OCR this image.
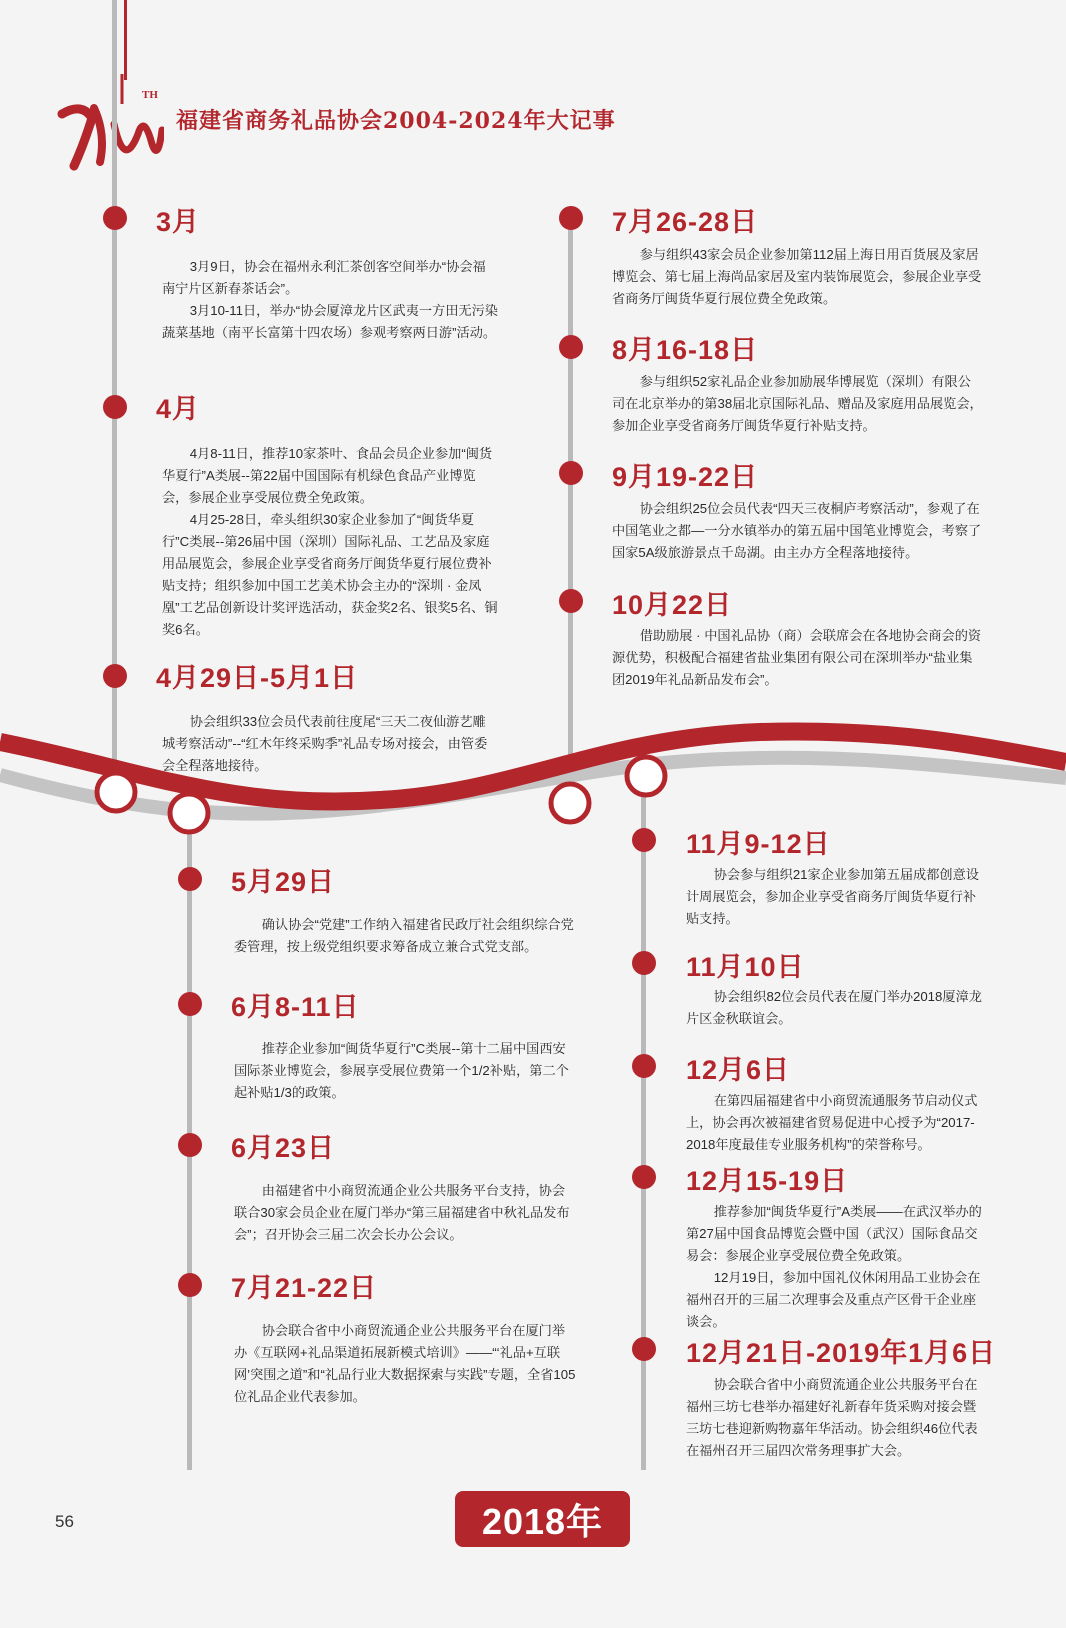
TH
福建省商务礼品协会2004-2024年大记事
3月

3月9日，协会在福州永利汇茶创客空间举办“协会福南宁片区新春茶话会”。

3月10-11日，举办“协会厦漳龙片区武夷一方田无污染蔬菜基地（南平长富第十四农场）参观考察两日游”活动。

4月

4月8-11日，推荐10家茶叶、食品会员企业参加“闽货华夏行”A类展--第22届中国国际有机绿色食品产业博览会，参展企业享受展位费全免政策。

4月25-28日，牵头组织30家企业参加了“闽货华夏行”C类展--第26届中国（深圳）国际礼品、工艺品及家庭用品展览会，参展企业享受省商务厅闽货华夏行展位费补贴支持；组织参加中国工艺美术协会主办的“深圳 · 金凤凰”工艺品创新设计奖评选活动，获金奖2名、银奖5名、铜奖6名。

4月29日-5月1日

协会组织33位会员代表前往度尾“三天二夜仙游艺雕城考察活动”--“红木年终采购季”礼品专场对接会，由管委会全程落地接待。

7月26-28日

参与组织43家会员企业参加第112届上海日用百货展及家居博览会、第七届上海尚品家居及室内装饰展览会，参展企业享受省商务厅闽货华夏行展位费全免政策。

8月16-18日

参与组织52家礼品企业参加励展华博展览（深圳）有限公司在北京举办的第38届北京国际礼品、赠品及家庭用品展览会，参加企业享受省商务厅闽货华夏行补贴支持。

9月19-22日

协会组织25位会员代表“四天三夜桐庐考察活动”，参观了在中国笔业之都—一分水镇举办的第五届中国笔业博览会，考察了国家5A级旅游景点千岛湖。由主办方全程落地接待。

10月22日

借助励展 · 中国礼品协（商）会联席会在各地协会商会的资源优势，积极配合福建省盐业集团有限公司在深圳举办“盐业集团2019年礼品新品发布会”。

5月29日

确认协会“党建”工作纳入福建省民政厅社会组织综合党委管理，按上级党组织要求筹备成立兼合式党支部。

6月8-11日

推荐企业参加“闽货华夏行”C类展--第十二届中国西安国际茶业博览会，参展享受展位费第一个1/2补贴，第二个起补贴1/3的政策。

6月23日

由福建省中小商贸流通企业公共服务平台支持，协会联合30家会员企业在厦门举办“第三届福建省中秋礼品发布会”；召开协会三届二次会长办公会议。

7月21-22日

协会联合省中小商贸流通企业公共服务平台在厦门举办《互联网+礼品渠道拓展新模式培训》——“‘礼品+互联网’突围之道”和“礼品行业大数据探索与实践”专题，全省105位礼品企业代表参加。

11月9-12日

协会参与组织21家企业参加第五届成都创意设计周展览会，参加企业享受省商务厅闽货华夏行补贴支持。

11月10日

协会组织82位会员代表在厦门举办2018厦漳龙片区金秋联谊会。

12月6日

在第四届福建省中小商贸流通服务节启动仪式上，协会再次被福建省贸易促进中心授予为“2017-2018年度最佳专业服务机构”的荣誉称号。

12月15-19日

推荐参加“闽货华夏行”A类展——在武汉举办的第27届中国食品博览会暨中国（武汉）国际食品交易会：参展企业享受展位费全免政策。

12月19日，参加中国礼仪休闲用品工业协会在福州召开的三届二次理事会及重点产区骨干企业座谈会。

12月21日-2019年1月6日

协会联合省中小商贸流通企业公共服务平台在福州三坊七巷举办福建好礼新春年货采购对接会暨三坊七巷迎新购物嘉年华活动。协会组织46位代表在福州召开三届四次常务理事扩大会。

56	2018年
